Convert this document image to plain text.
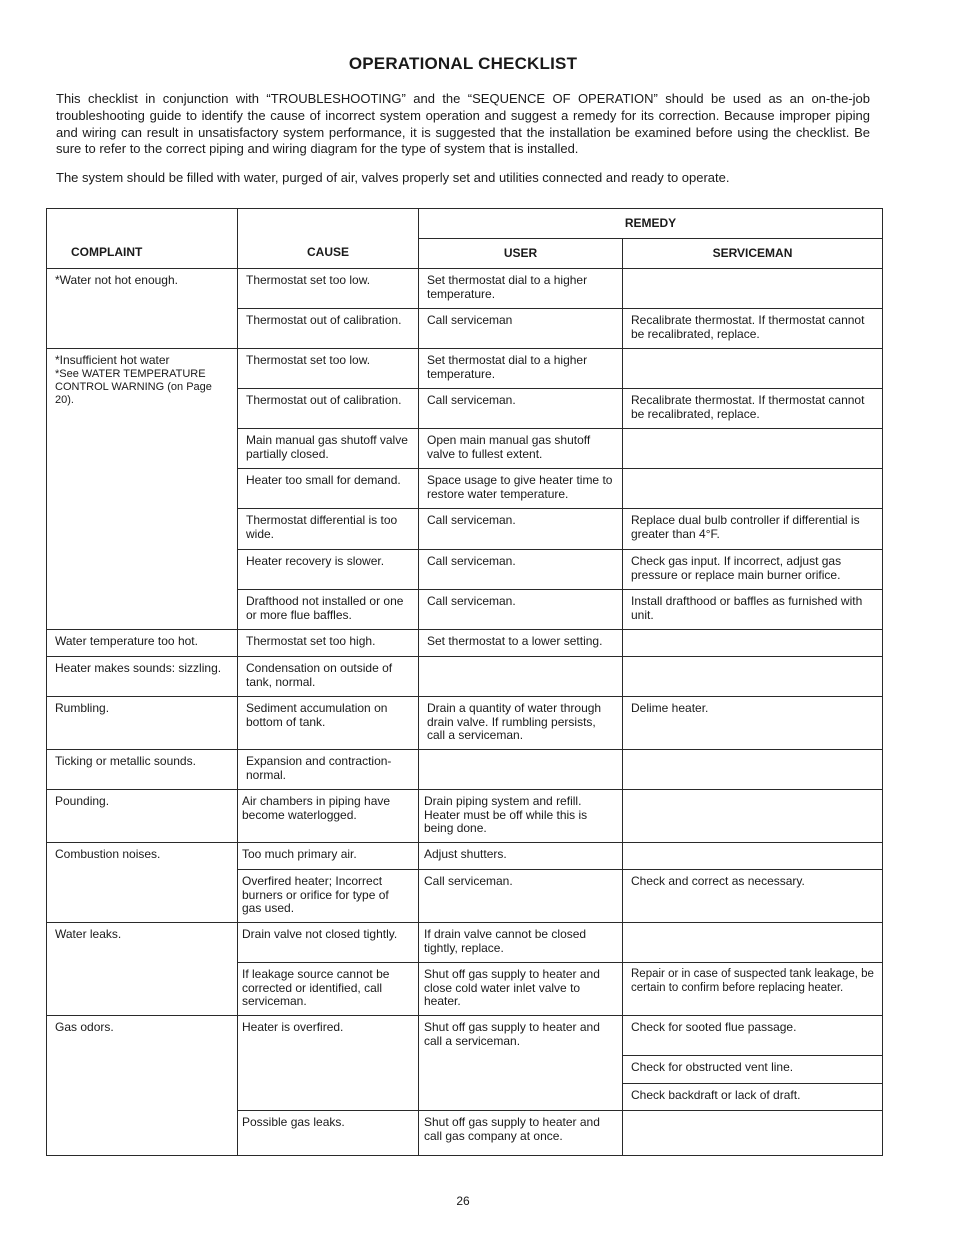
OPERATIONAL CHECKLIST

This checklist in conjunction with “TROUBLESHOOTING” and the “SEQUENCE OF OPERATION” should be used as an on-the-job troubleshooting guide to identify the cause of incorrect system operation and suggest a remedy for its correction. Because improper piping and wiring can result in unsatisfactory system performance, it is suggested that the installation be examined before using the checklist. Be sure to refer to the correct piping and wiring diagram for the type of system that is installed.

The system should be filled with water, purged of air, valves properly set and utilities connected and ready to operate.

COMPLAINT	CAUSE	REMEDY	
		USER	SERVICEMAN
*Water not hot enough.	Thermostat set too low.	Set thermostat dial to a higher temperature.	
	Thermostat out of calibration.	Call serviceman	Recalibrate thermostat. If thermostat cannot be recalibrated, replace.
*Insufficient hot water
*See WATER TEMPERATURE CONTROL WARNING (on Page 20).	Thermostat set too low.	Set thermostat dial to a higher temperature.	
	Thermostat out of calibration.	Call serviceman.	Recalibrate thermostat. If thermostat cannot be recalibrated, replace.
	Main manual gas shutoff valve partially closed.	Open main manual gas shutoff valve to fullest extent.	
	Heater too small for demand.	Space usage to give heater time to restore water temperature.	
	Thermostat differential is too wide.	Call serviceman.	Replace dual bulb controller if differential is greater than 4°F.
	Heater recovery is slower.	Call serviceman.	Check gas input. If incorrect, adjust gas pressure or replace main burner orifice.
	Drafthood not installed or one or more flue baffles.	Call serviceman.	Install drafthood or baffles as furnished with unit.
Water temperature too hot.	Thermostat set too high.	Set thermostat to a lower setting.	
Heater makes sounds: sizzling.	Condensation on outside of tank, normal.		
Rumbling.	Sediment accumulation on bottom of tank.	Drain a quantity of water through drain valve. If rumbling persists, call a serviceman.	Delime heater.
Ticking or metallic sounds.	Expansion and contraction-normal.		
Pounding.	Air chambers in piping have become waterlogged.	Drain piping system and refill. Heater must be off while this is being done.	
Combustion noises.	Too much primary air.	Adjust shutters.	
	Overfired heater; Incorrect burners or orifice for type of gas used.	Call serviceman.	Check and correct as necessary.
Water leaks.	Drain valve not closed tightly.	If drain valve cannot be closed tightly, replace.	
	If leakage source cannot be corrected or identified, call serviceman.	Shut off gas supply to heater and close cold water inlet valve to heater.	Repair or in case of suspected tank leakage, be certain to confirm before replacing heater.
Gas odors.	Heater is overfired.	Shut off gas supply to heater and call a serviceman.	Check for sooted flue passage.
			Check for obstructed vent line.
			Check backdraft or lack of draft.
	Possible gas leaks.	Shut off gas supply to heater and call gas company at once.	
26
